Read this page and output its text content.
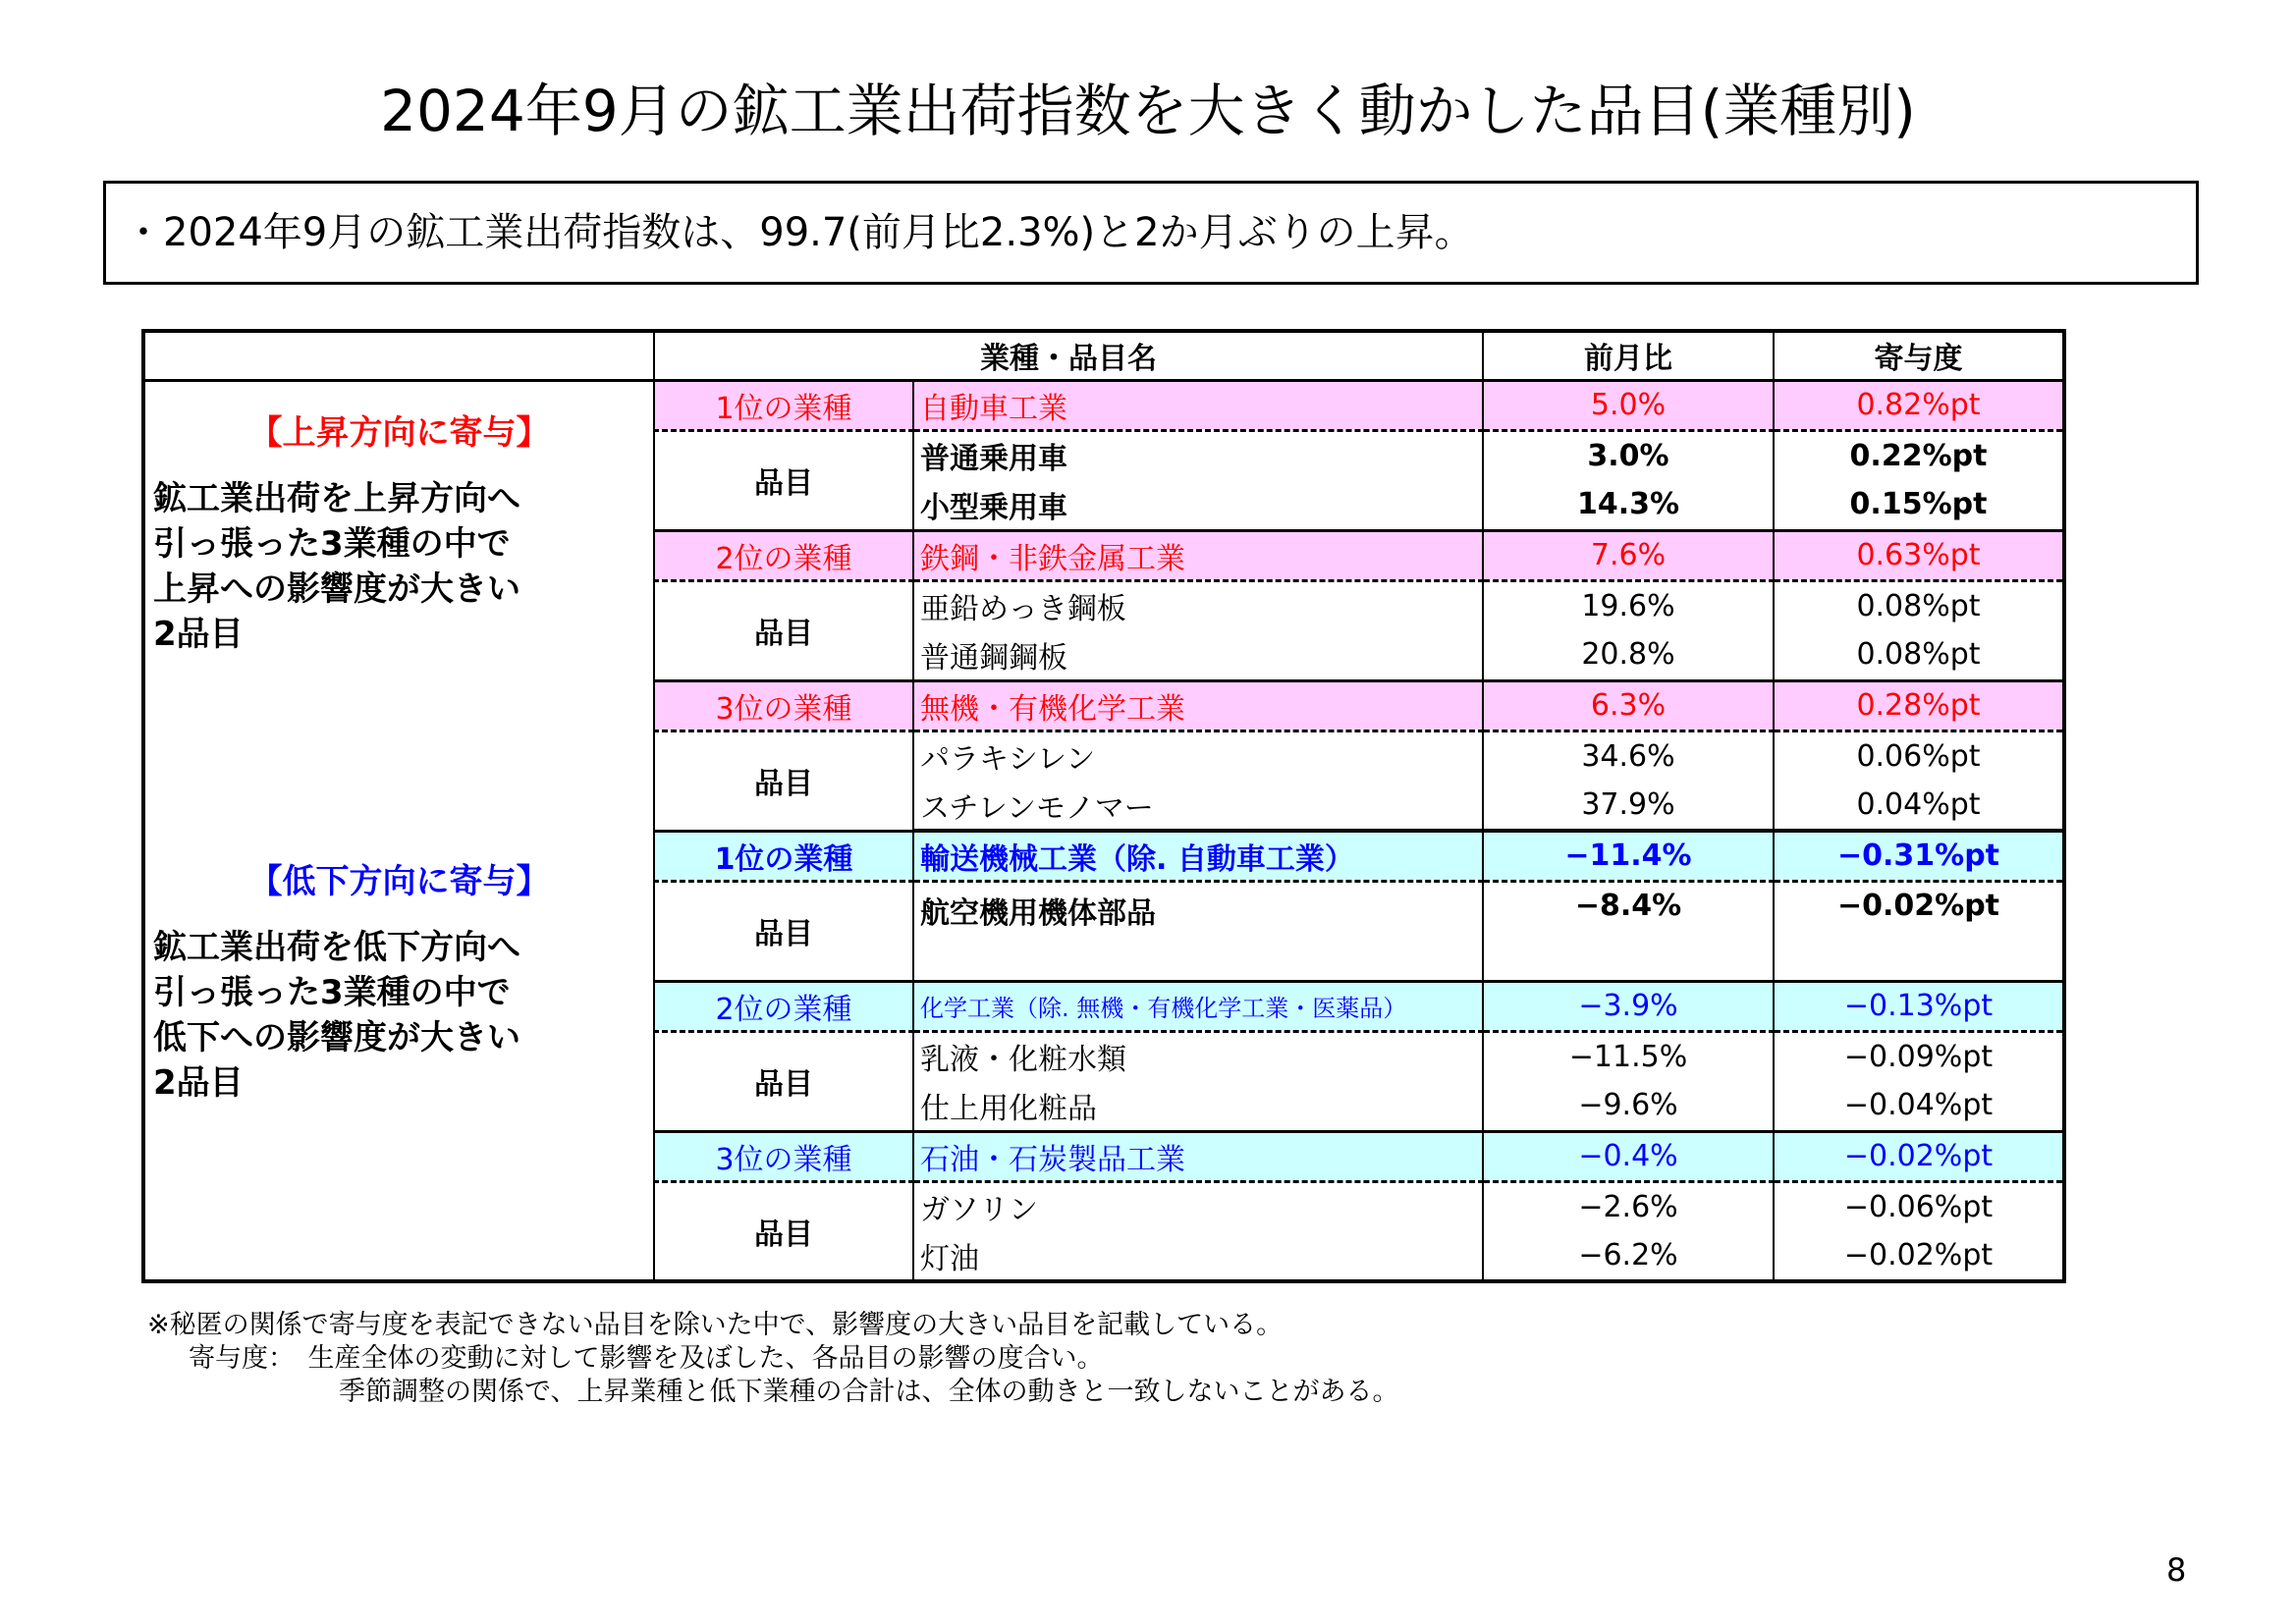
2024年9月の鉱工業出荷指数を大きく動かした品目(業種別)
・2024年9月の鉱工業出荷指数は、99.7(前月比2.3%)と2か月ぶりの上昇。
	業種・品目名		前月比	寄与度

【上昇方向に寄与】
鉱工業出荷を上昇方向へ
引っ張った3業種の中で
上昇への影響度が大きい
2品目	1位の業種	自動車工業	5.0%	0.82%pt
	品目	普通乗用車	3.0%	0.22%pt
		小型乗用車	14.3%	0.15%pt
	2位の業種	鉄鋼・非鉄金属工業	7.6%	0.63%pt
	品目	亜鉛めっき鋼板	19.6%	0.08%pt
		普通鋼鋼板	20.8%	0.08%pt
	3位の業種	無機・有機化学工業	6.3%	0.28%pt
	品目	パラキシレン	34.6%	0.06%pt
		スチレンモノマー	37.9%	0.04%pt

【低下方向に寄与】
鉱工業出荷を低下方向へ
引っ張った3業種の中で
低下への影響度が大きい
2品目	1位の業種	輸送機械工業（除. 自動車工業）	−11.4%	−0.31%pt
	品目	航空機用機体部品	−8.4%	−0.02%pt
	2位の業種	化学工業（除. 無機・有機化学工業・医薬品）	−3.9%	−0.13%pt
	品目	乳液・化粧水類	−11.5%	−0.09%pt
		仕上用化粧品	−9.6%	−0.04%pt
	3位の業種	石油・石炭製品工業	−0.4%	−0.02%pt
	品目	ガソリン	−2.6%	−0.06%pt
		灯油	−6.2%	−0.02%pt
※秘匿の関係で寄与度を表記できない品目を除いた中で、影響度の大きい品目を記載している。
寄与度：　生産全体の変動に対して影響を及ぼした、各品目の影響の度合い。
季節調整の関係で、上昇業種と低下業種の合計は、全体の動きと一致しないことがある。
8
